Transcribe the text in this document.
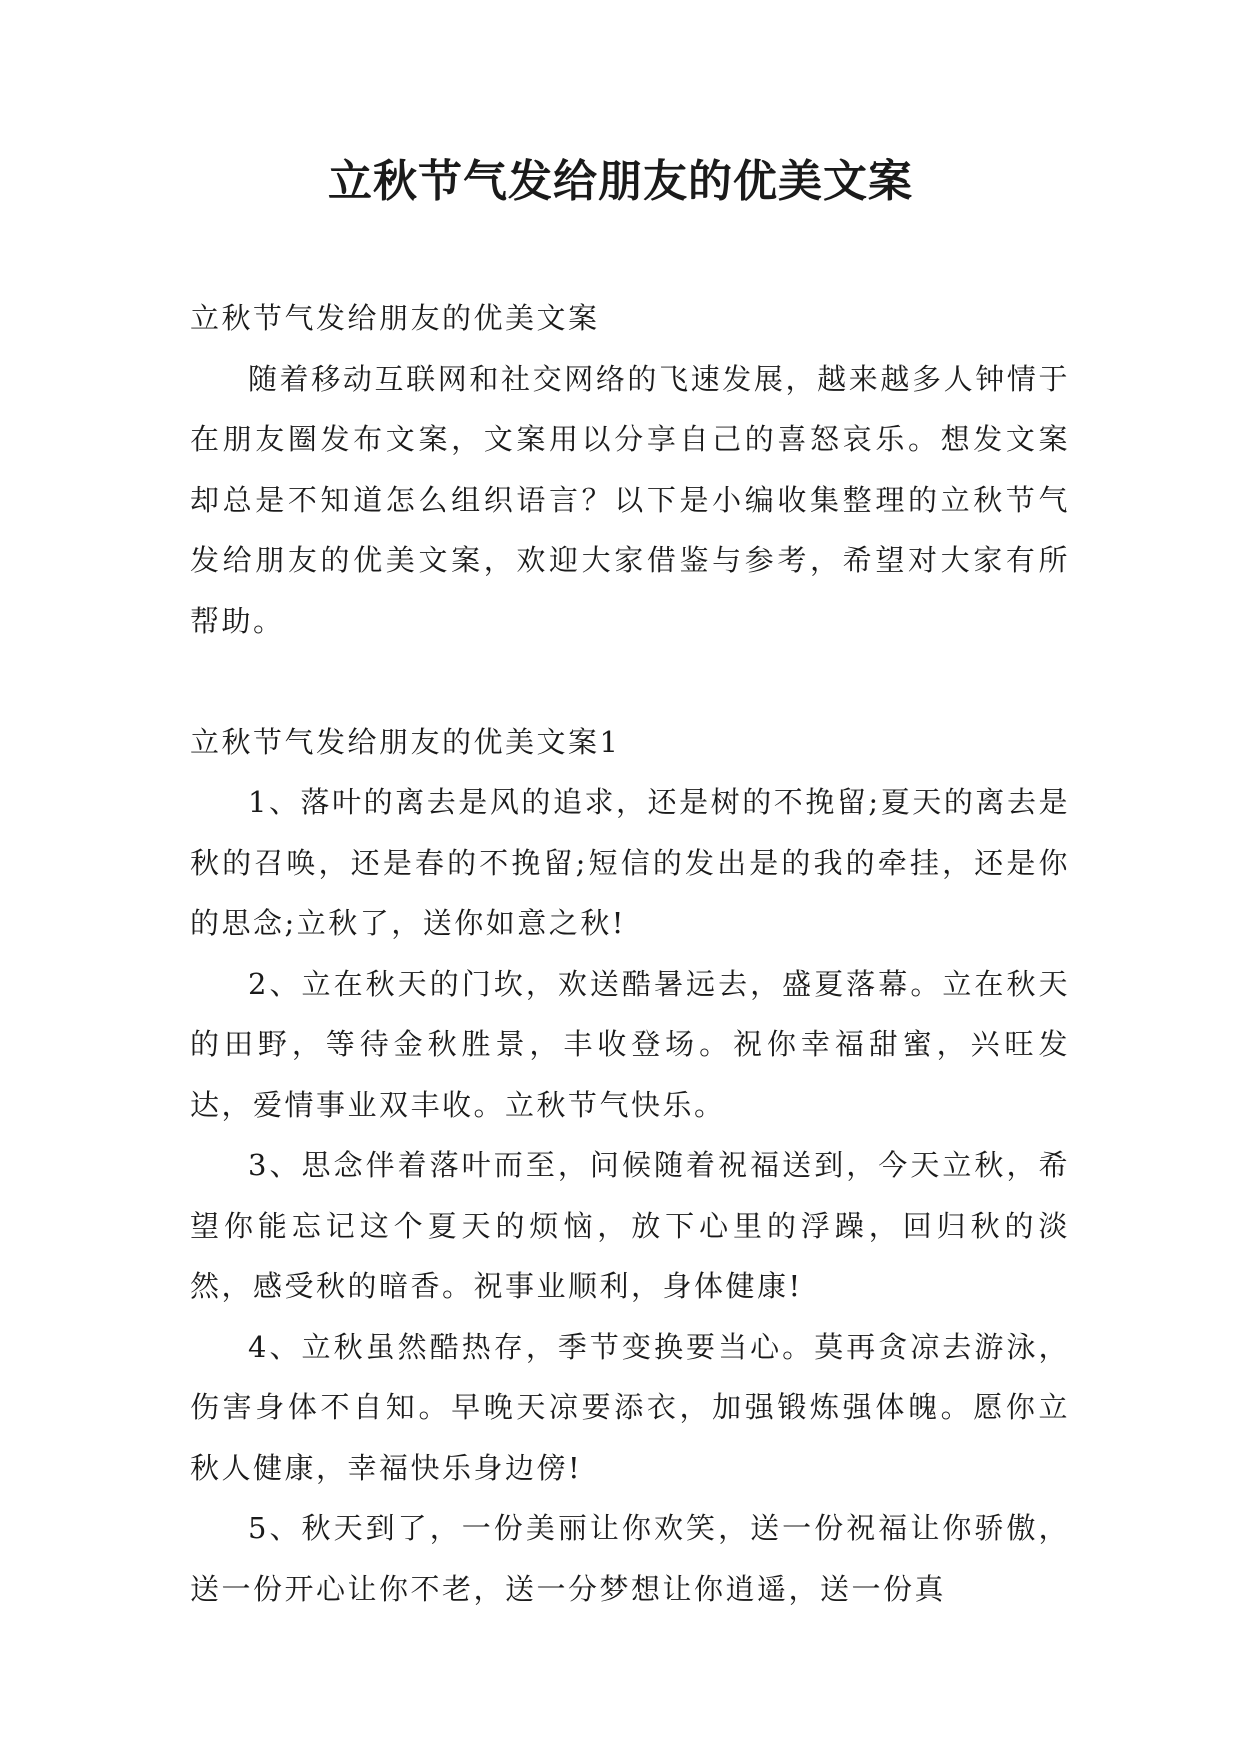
立秋节气发给朋友的优美文案

立秋节气发给朋友的优美文案

随着移动互联网和社交网络的飞速发展，越来越多人钟情于在朋友圈发布文案，文案用以分享自己的喜怒哀乐。想发文案却总是不知道怎么组织语言？以下是小编收集整理的立秋节气发给朋友的优美文案，欢迎大家借鉴与参考，希望对大家有所帮助。

立秋节气发给朋友的优美文案1

1、落叶的离去是风的追求，还是树的不挽留;夏天的离去是秋的召唤，还是春的不挽留;短信的发出是的我的牵挂，还是你的思念;立秋了，送你如意之秋!

2、立在秋天的门坎，欢送酷暑远去，盛夏落幕。立在秋天的田野，等待金秋胜景，丰收登场。祝你幸福甜蜜，兴旺发达，爱情事业双丰收。立秋节气快乐。

3、思念伴着落叶而至，问候随着祝福送到，今天立秋，希望你能忘记这个夏天的烦恼，放下心里的浮躁，回归秋的淡然，感受秋的暗香。祝事业顺利，身体健康!

4、立秋虽然酷热存，季节变换要当心。莫再贪凉去游泳，伤害身体不自知。早晚天凉要添衣，加强锻炼强体魄。愿你立秋人健康，幸福快乐身边傍!

5、秋天到了，一份美丽让你欢笑，送一份祝福让你骄傲，送一份开心让你不老，送一分梦想让你逍遥，送一份真
